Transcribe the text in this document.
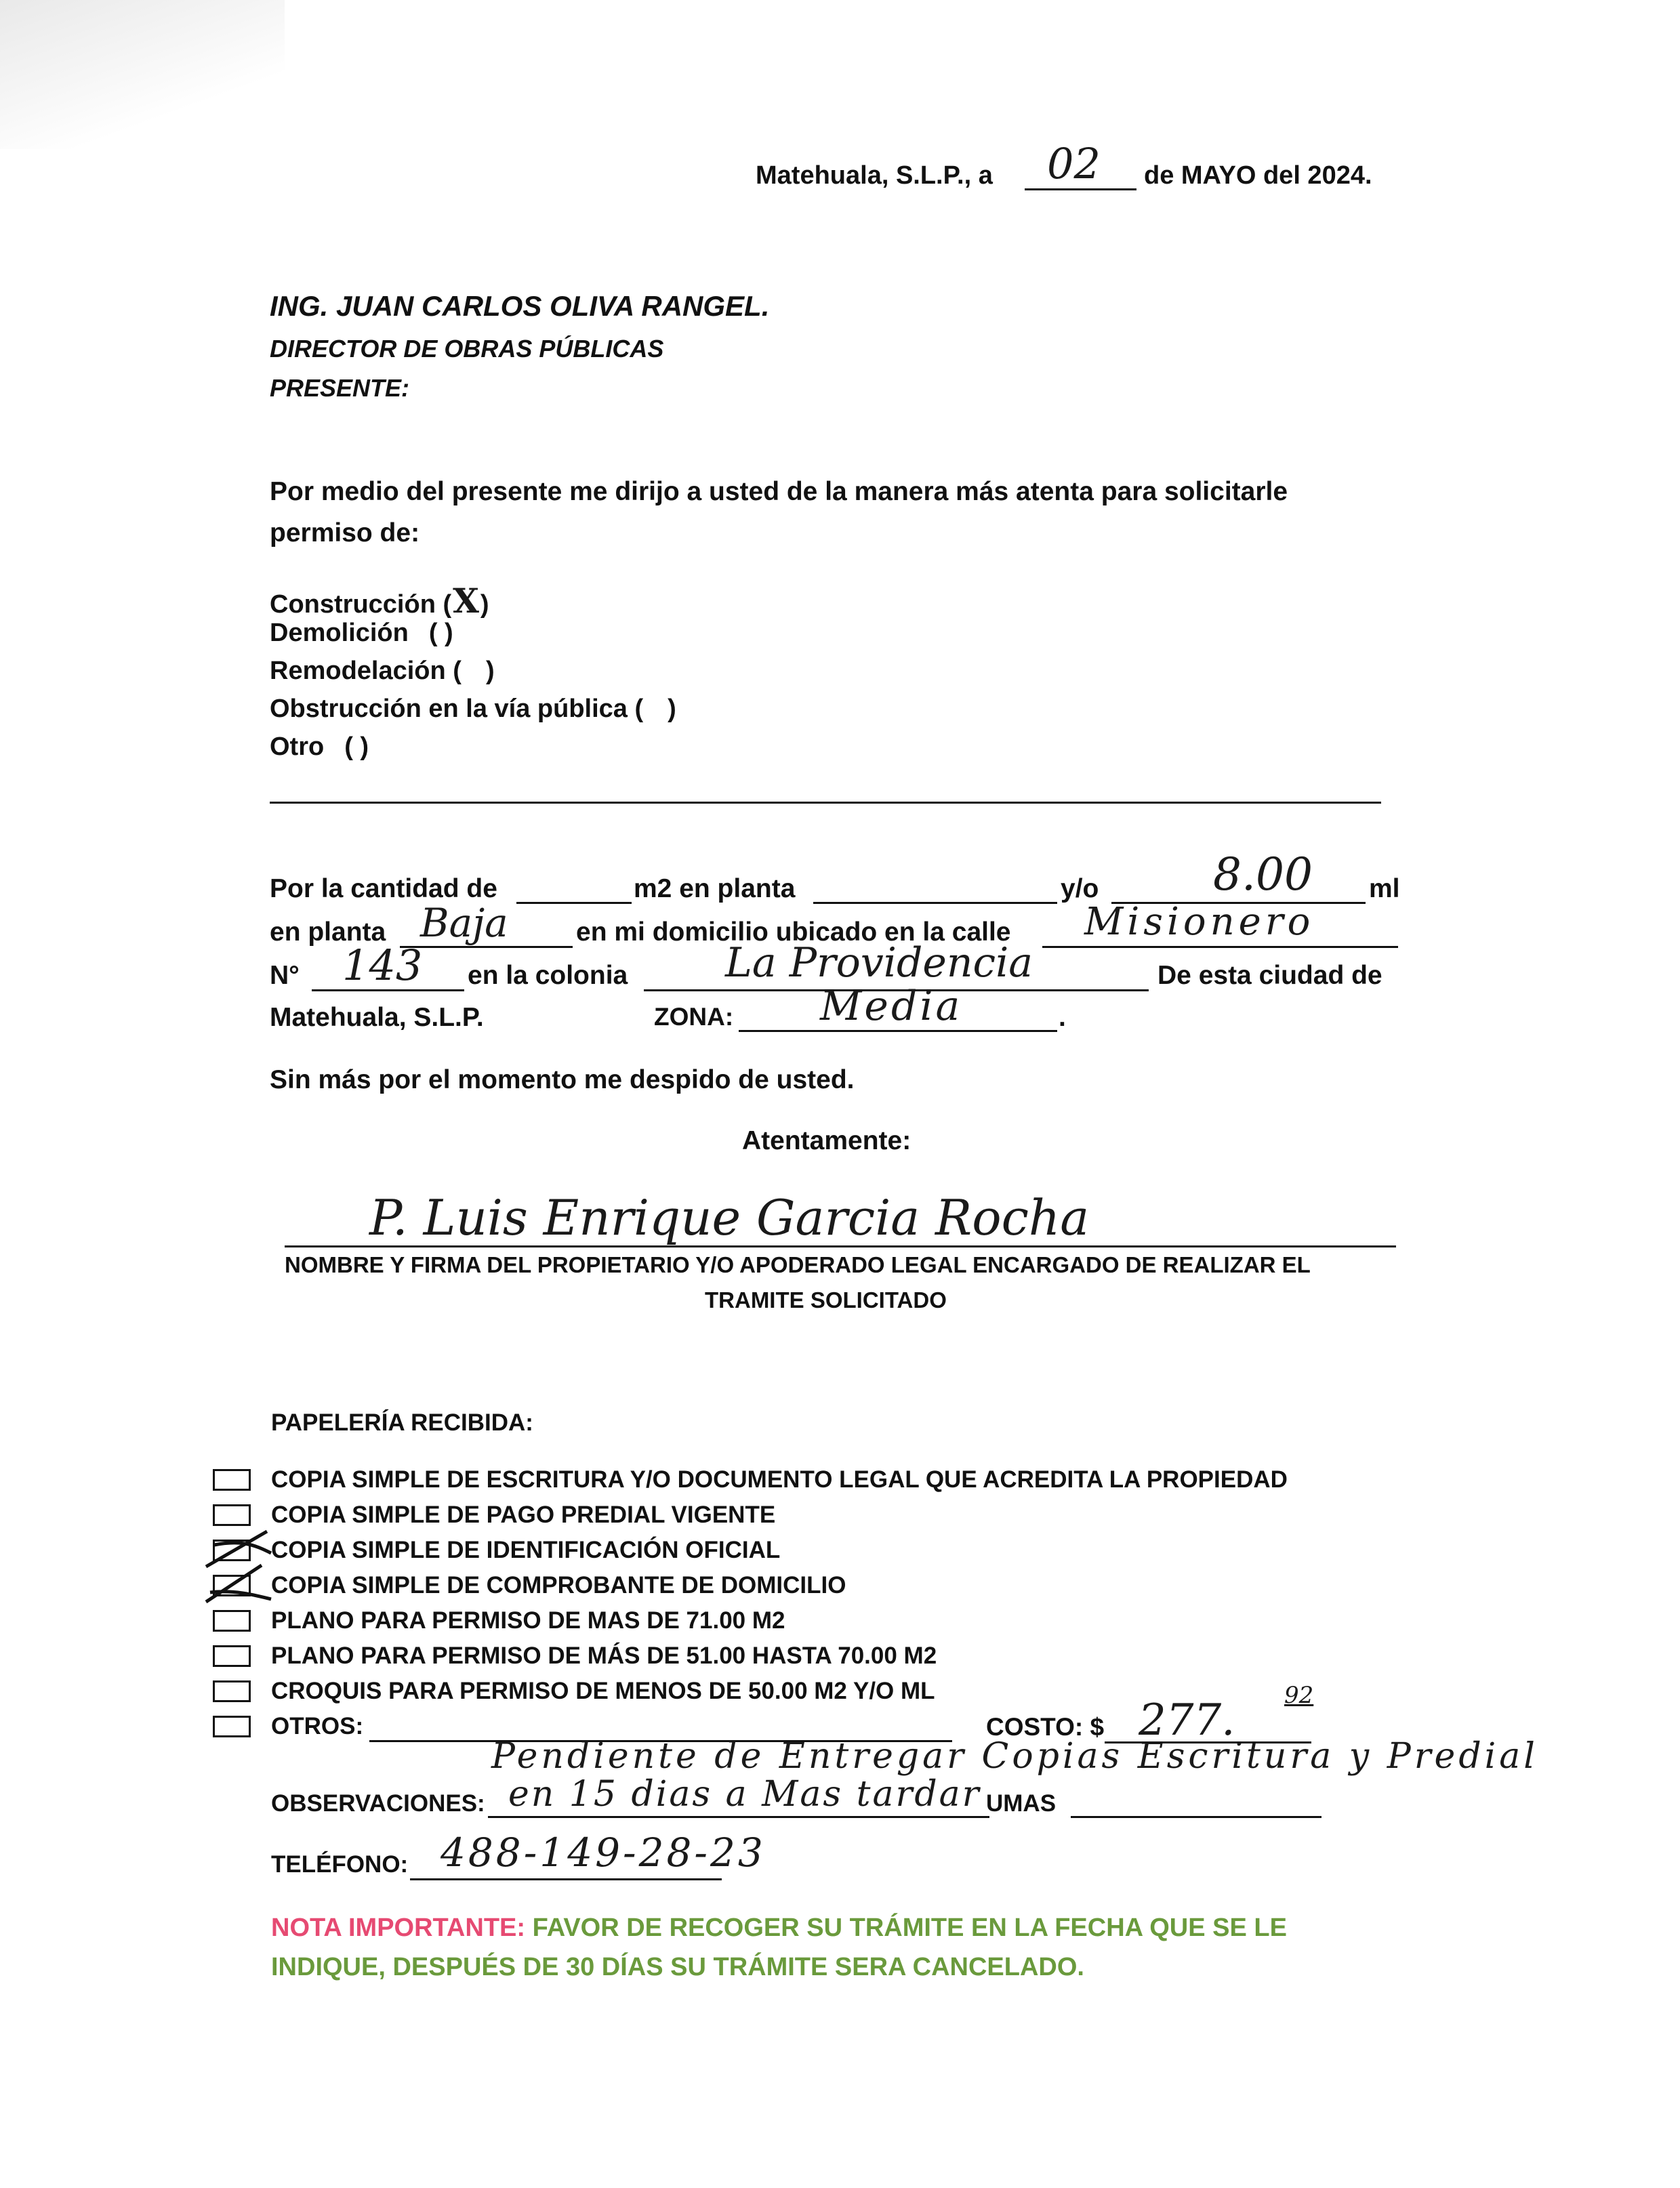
Matehuala, S.L.P., a 02 de MAYO del 2024.
ING. JUAN CARLOS OLIVA RANGEL.
DIRECTOR DE OBRAS PÚBLICAS
PRESENTE:
Por medio del presente me dirijo a usted de la manera más atenta para solicitarle
permiso de:
Construcción (X)
Demolición ( )
Remodelación ( )
Obstrucción en la vía pública ( )
Otro ( )
Por la cantidad de	m2 en planta	y/o	8.00 ml
en planta Baja	en mi domicilio ubicado en la calle Misionero
N° 143 en la colonia La Providencia	De esta ciudad de
Matehuala, S.L.P.	ZONA: Media	.
Sin más por el momento me despido de usted.
Atentamente:
P. Luis Enrique Garcia Rocha
NOMBRE Y FIRMA DEL PROPIETARIO Y/O APODERADO LEGAL ENCARGADO DE REALIZAR EL
TRAMITE SOLICITADO
PAPELERÍA RECIBIDA:
COPIA SIMPLE DE ESCRITURA Y/O DOCUMENTO LEGAL QUE ACREDITA LA PROPIEDAD
COPIA SIMPLE DE PAGO PREDIAL VIGENTE
COPIA SIMPLE DE IDENTIFICACIÓN OFICIAL
COPIA SIMPLE DE COMPROBANTE DE DOMICILIO
PLANO PARA PERMISO DE MAS DE 71.00 M2
PLANO PARA PERMISO DE MÁS DE 51.00 HASTA 70.00 M2
CROQUIS PARA PERMISO DE MENOS DE 50.00 M2 Y/O ML
OTROS:	COSTO: $ 277. 92
Pendiente de Entregar Copias Escritura y Predial
OBSERVACIONES: en 15 dias a Mas tardar UMAS
TELÉFONO: 488-149-28-23
NOTA IMPORTANTE: FAVOR DE RECOGER SU TRÁMITE EN LA FECHA QUE SE LE
INDIQUE, DESPUÉS DE 30 DÍAS SU TRÁMITE SERA CANCELADO.
